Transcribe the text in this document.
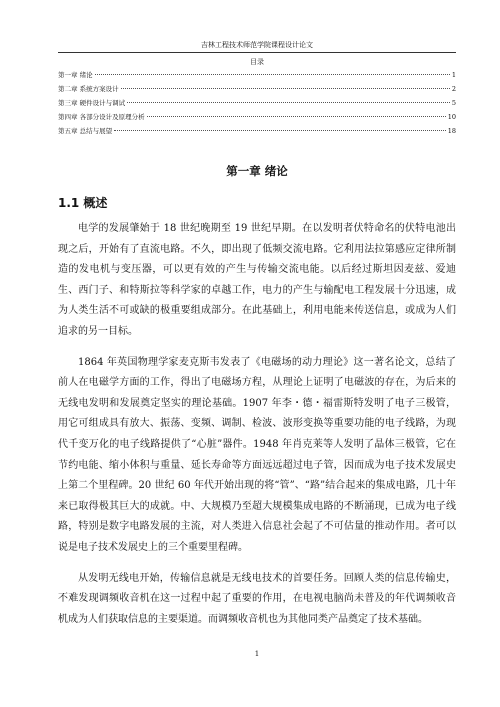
吉林工程技术师范学院课程设计论文
目录
第一章 绪论	1
第二章 系统方案设计	2
第三章 硬件设计与调试	5
第四章 各部分设计及原理分析	10
第五章 总结与展望	18
第一章 绪论
1.1 概述

电学的发展肇始于 18 世纪晚期至 19 世纪早期。在以发明者伏特命名的伏特电池出现之后，开始有了直流电路。不久，即出现了低频交流电路。它利用法拉第感应定律所制造的发电机与变压器，可以更有效的产生与传输交流电能。以后经过斯坦因麦兹、爱迪生、西门子、和特斯拉等科学家的卓越工作，电力的产生与输配电工程发展十分迅速，成为人类生活不可或缺的极重要组成部分。在此基础上，利用电能来传送信息，或成为人们追求的另一目标。

1864 年英国物理学家麦克斯韦发表了《电磁场的动力理论》这一著名论文，总结了前人在电磁学方面的工作，得出了电磁场方程，从理论上证明了电磁波的存在，为后来的无线电发明和发展奠定坚实的理论基础。1907 年李・德・福雷斯特发明了电子三极管，用它可组成具有放大、振荡、变频、调制、检波、波形变换等重要功能的电子线路，为现代千变万化的电子线路提供了“心脏”器件。1948 年肖克莱等人发明了晶体三极管，它在节约电能、缩小体积与重量、延长寿命等方面远远超过电子管，因而成为电子技术发展史上第二个里程碑。20 世纪 60 年代开始出现的将“管”、“路”结合起来的集成电路，几十年来已取得极其巨大的成就。中、大规模乃至超大规模集成电路的不断涌现，已成为电子线路，特别是数字电路发展的主流，对人类进入信息社会起了不可估量的推动作用。者可以说是电子技术发展史上的三个重要里程碑。

从发明无线电开始，传输信息就是无线电技术的首要任务。回顾人类的信息传输史，不难发现调频收音机在这一过程中起了重要的作用，在电视电脑尚未普及的年代调频收音机成为人们获取信息的主要渠道。而调频收音机也为其他同类产品奠定了技术基础。

1
